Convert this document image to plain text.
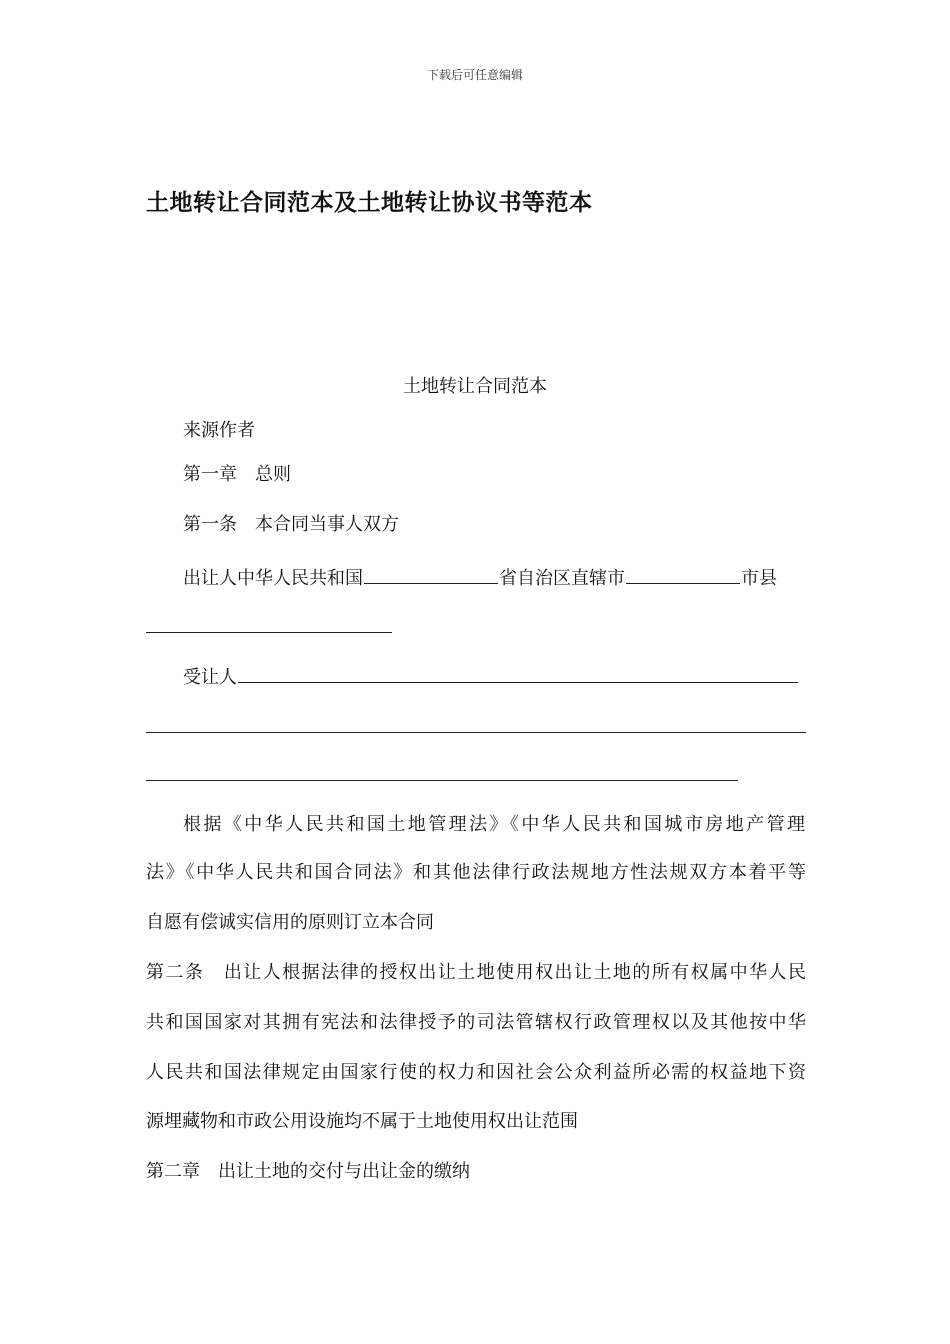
下载后可任意编辑
土地转让合同范本及土地转让协议书等范本

土地转让合同范本

来源作者

第一章　总则

第一条　本合同当事人双方

出让人中华人民共和国	省自治区直辖市	市县

受让人

根据《中华人民共和国土地管理法》《中华人民共和国城市房地产管理

法》《中华人民共和国合同法》和其他法律行政法规地方性法规双方本着平等

自愿有偿诚实信用的原则订立本合同

第二条　出让人根据法律的授权出让土地使用权出让土地的所有权属中华人民

共和国国家对其拥有宪法和法律授予的司法管辖权行政管理权以及其他按中华

人民共和国法律规定由国家行使的权力和因社会公众利益所必需的权益地下资

源埋藏物和市政公用设施均不属于土地使用权出让范围

第二章　出让土地的交付与出让金的缴纳
